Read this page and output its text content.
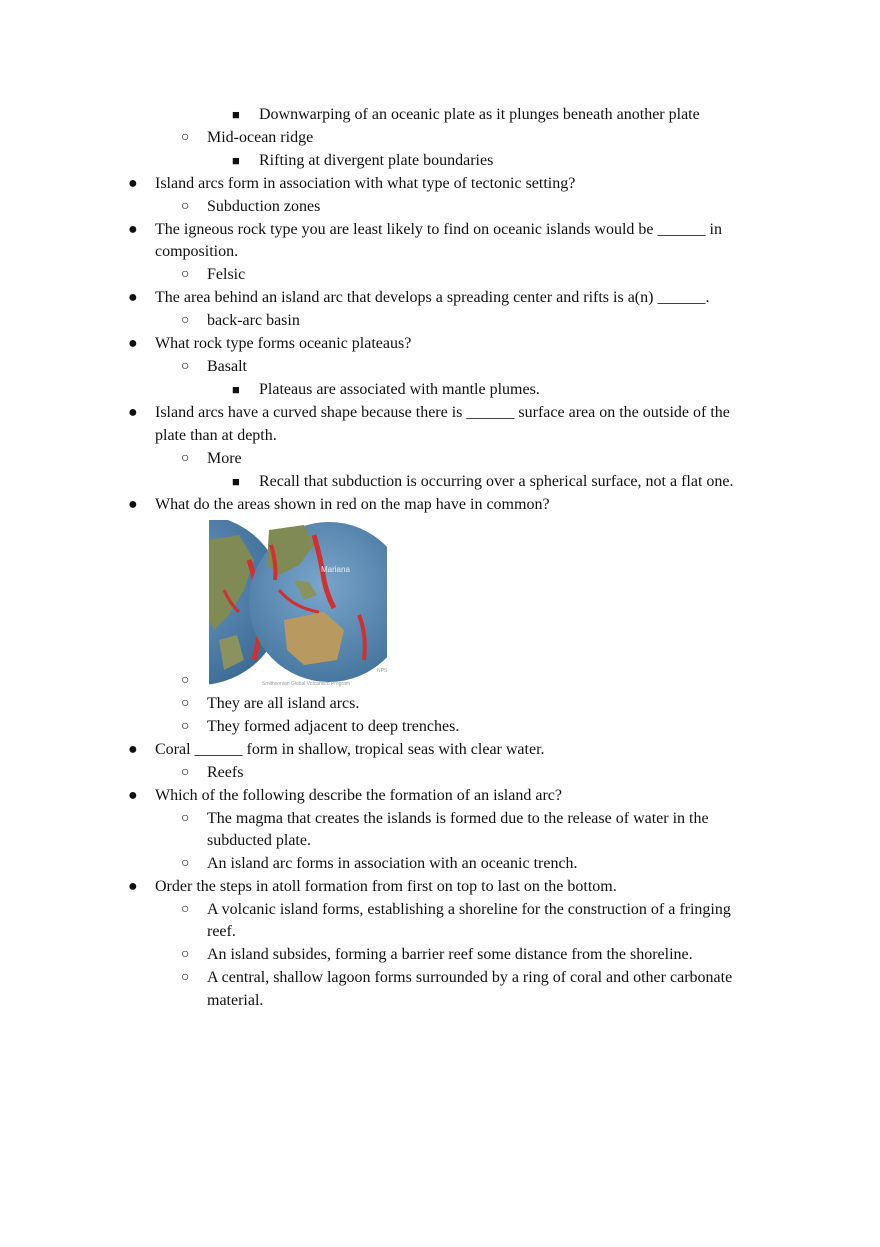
■ Downwarping of an oceanic plate as it plunges beneath another plate
○ Mid-ocean ridge
■ Rifting at divergent plate boundaries
● Island arcs form in association with what type of tectonic setting?
○ Subduction zones
● The igneous rock type you are least likely to find on oceanic islands would be ______ in
composition.
○ Felsic
● The area behind an island arc that develops a spreading center and rifts is a(n) ______.
○ back-arc basin
● What rock type forms oceanic plateaus?
○ Basalt
■ Plateaus are associated with mantle plumes.
● Island arcs have a curved shape because there is ______ surface area on the outside of the
plate than at depth.
○ More
■ Recall that subduction is occurring over a spherical surface, not a flat one.
● What do the areas shown in red on the map have in common?
Mariana
Smithsonian Global Volcanism Program
NPS
○
○ They are all island arcs.
○ They formed adjacent to deep trenches.
● Coral ______ form in shallow, tropical seas with clear water.
○ Reefs
● Which of the following describe the formation of an island arc?
○ The magma that creates the islands is formed due to the release of water in the
subducted plate.
○ An island arc forms in association with an oceanic trench.
● Order the steps in atoll formation from first on top to last on the bottom.
○ A volcanic island forms, establishing a shoreline for the construction of a fringing
reef.
○ An island subsides, forming a barrier reef some distance from the shoreline.
○ A central, shallow lagoon forms surrounded by a ring of coral and other carbonate
material.
